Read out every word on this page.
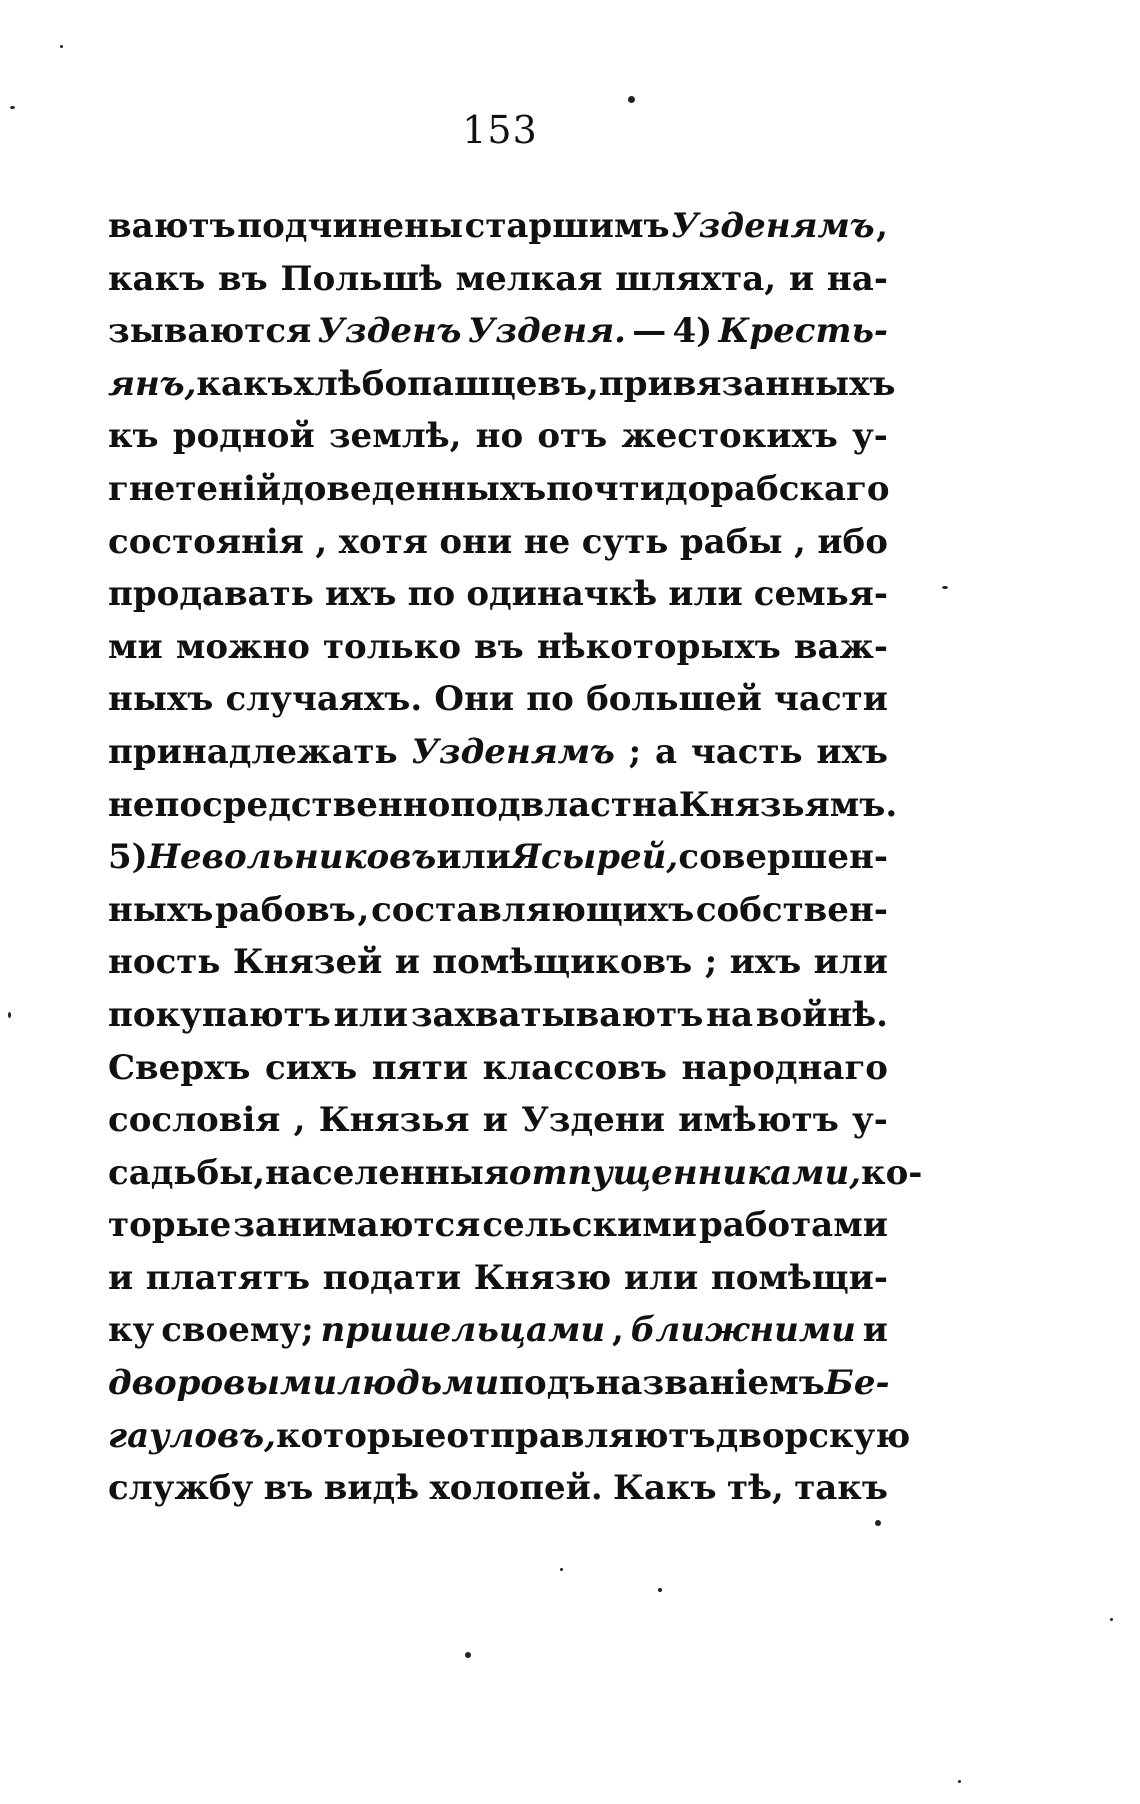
153
ваютъ подчинены старшимъ Узденямъ ,
какъ въ Польшѣ мелкая шляхта, и на-
зываются Узденъ Узденя. — 4) Кресть-
янъ, какъ хлѣбопашцевъ, привязанныхъ
къ родной землѣ, но отъ жестокихъ у-
гнетеній доведенныхъ почти до рабскаго
состоянія , хотя они не суть рабы , ибо
продавать ихъ по одиначкѣ или семья-
ми можно только въ нѣкоторыхъ важ-
ныхъ случаяхъ. Они по большей части
принадлежать Узденямъ ; а часть ихъ
непосредственно подвластна Князьямъ.
5) Невольниковъ или Ясырей, совершен-
ныхъ рабовъ , составляющихъ собствен-
ность Князей и помѣщиковъ ; ихъ или
покупаютъ или захватываютъ на войнѣ.
Сверхъ сихъ пяти классовъ народнаго
сословія , Князья и Уздени имѣютъ у-
садьбы, населенныя отпущенниками, ко-
торые занимаются сельскими работами
и платятъ подати Князю или помѣщи-
ку своему; пришельцами , ближними и
дворовыми людьми подъ названіемъ Бе-
гауловъ, которые отправляютъ дворскую
службу въ видѣ холопей. Какъ тѣ, такъ
